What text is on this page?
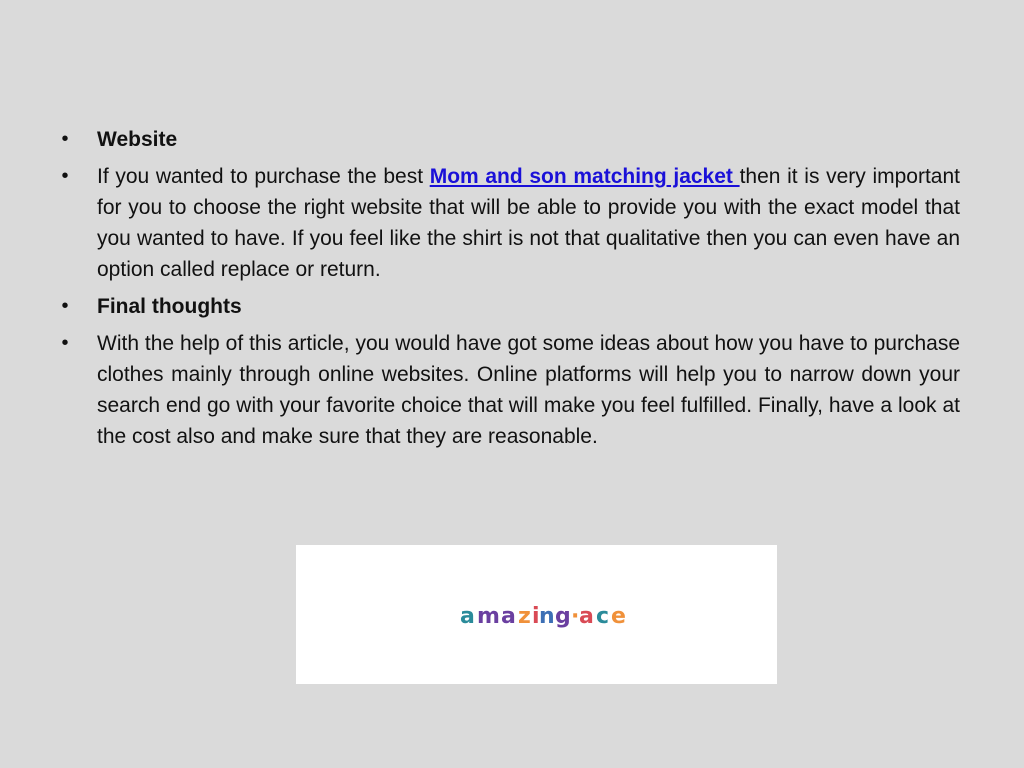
• Website
• If you wanted to purchase the best Mom and son matching jacket then it is very important for you to choose the right website that will be able to provide you with the exact model that you wanted to have. If you feel like the shirt is not that qualitative then you can even have an option called replace or return.
• Final thoughts
• With the help of this article, you would have got some ideas about how you have to purchase clothes mainly through online websites. Online platforms will help you to narrow down your search end go with your favorite choice that will make you feel fulfilled. Finally, have a look at the cost also and make sure that they are reasonable.
a m a z i n g · a c e
